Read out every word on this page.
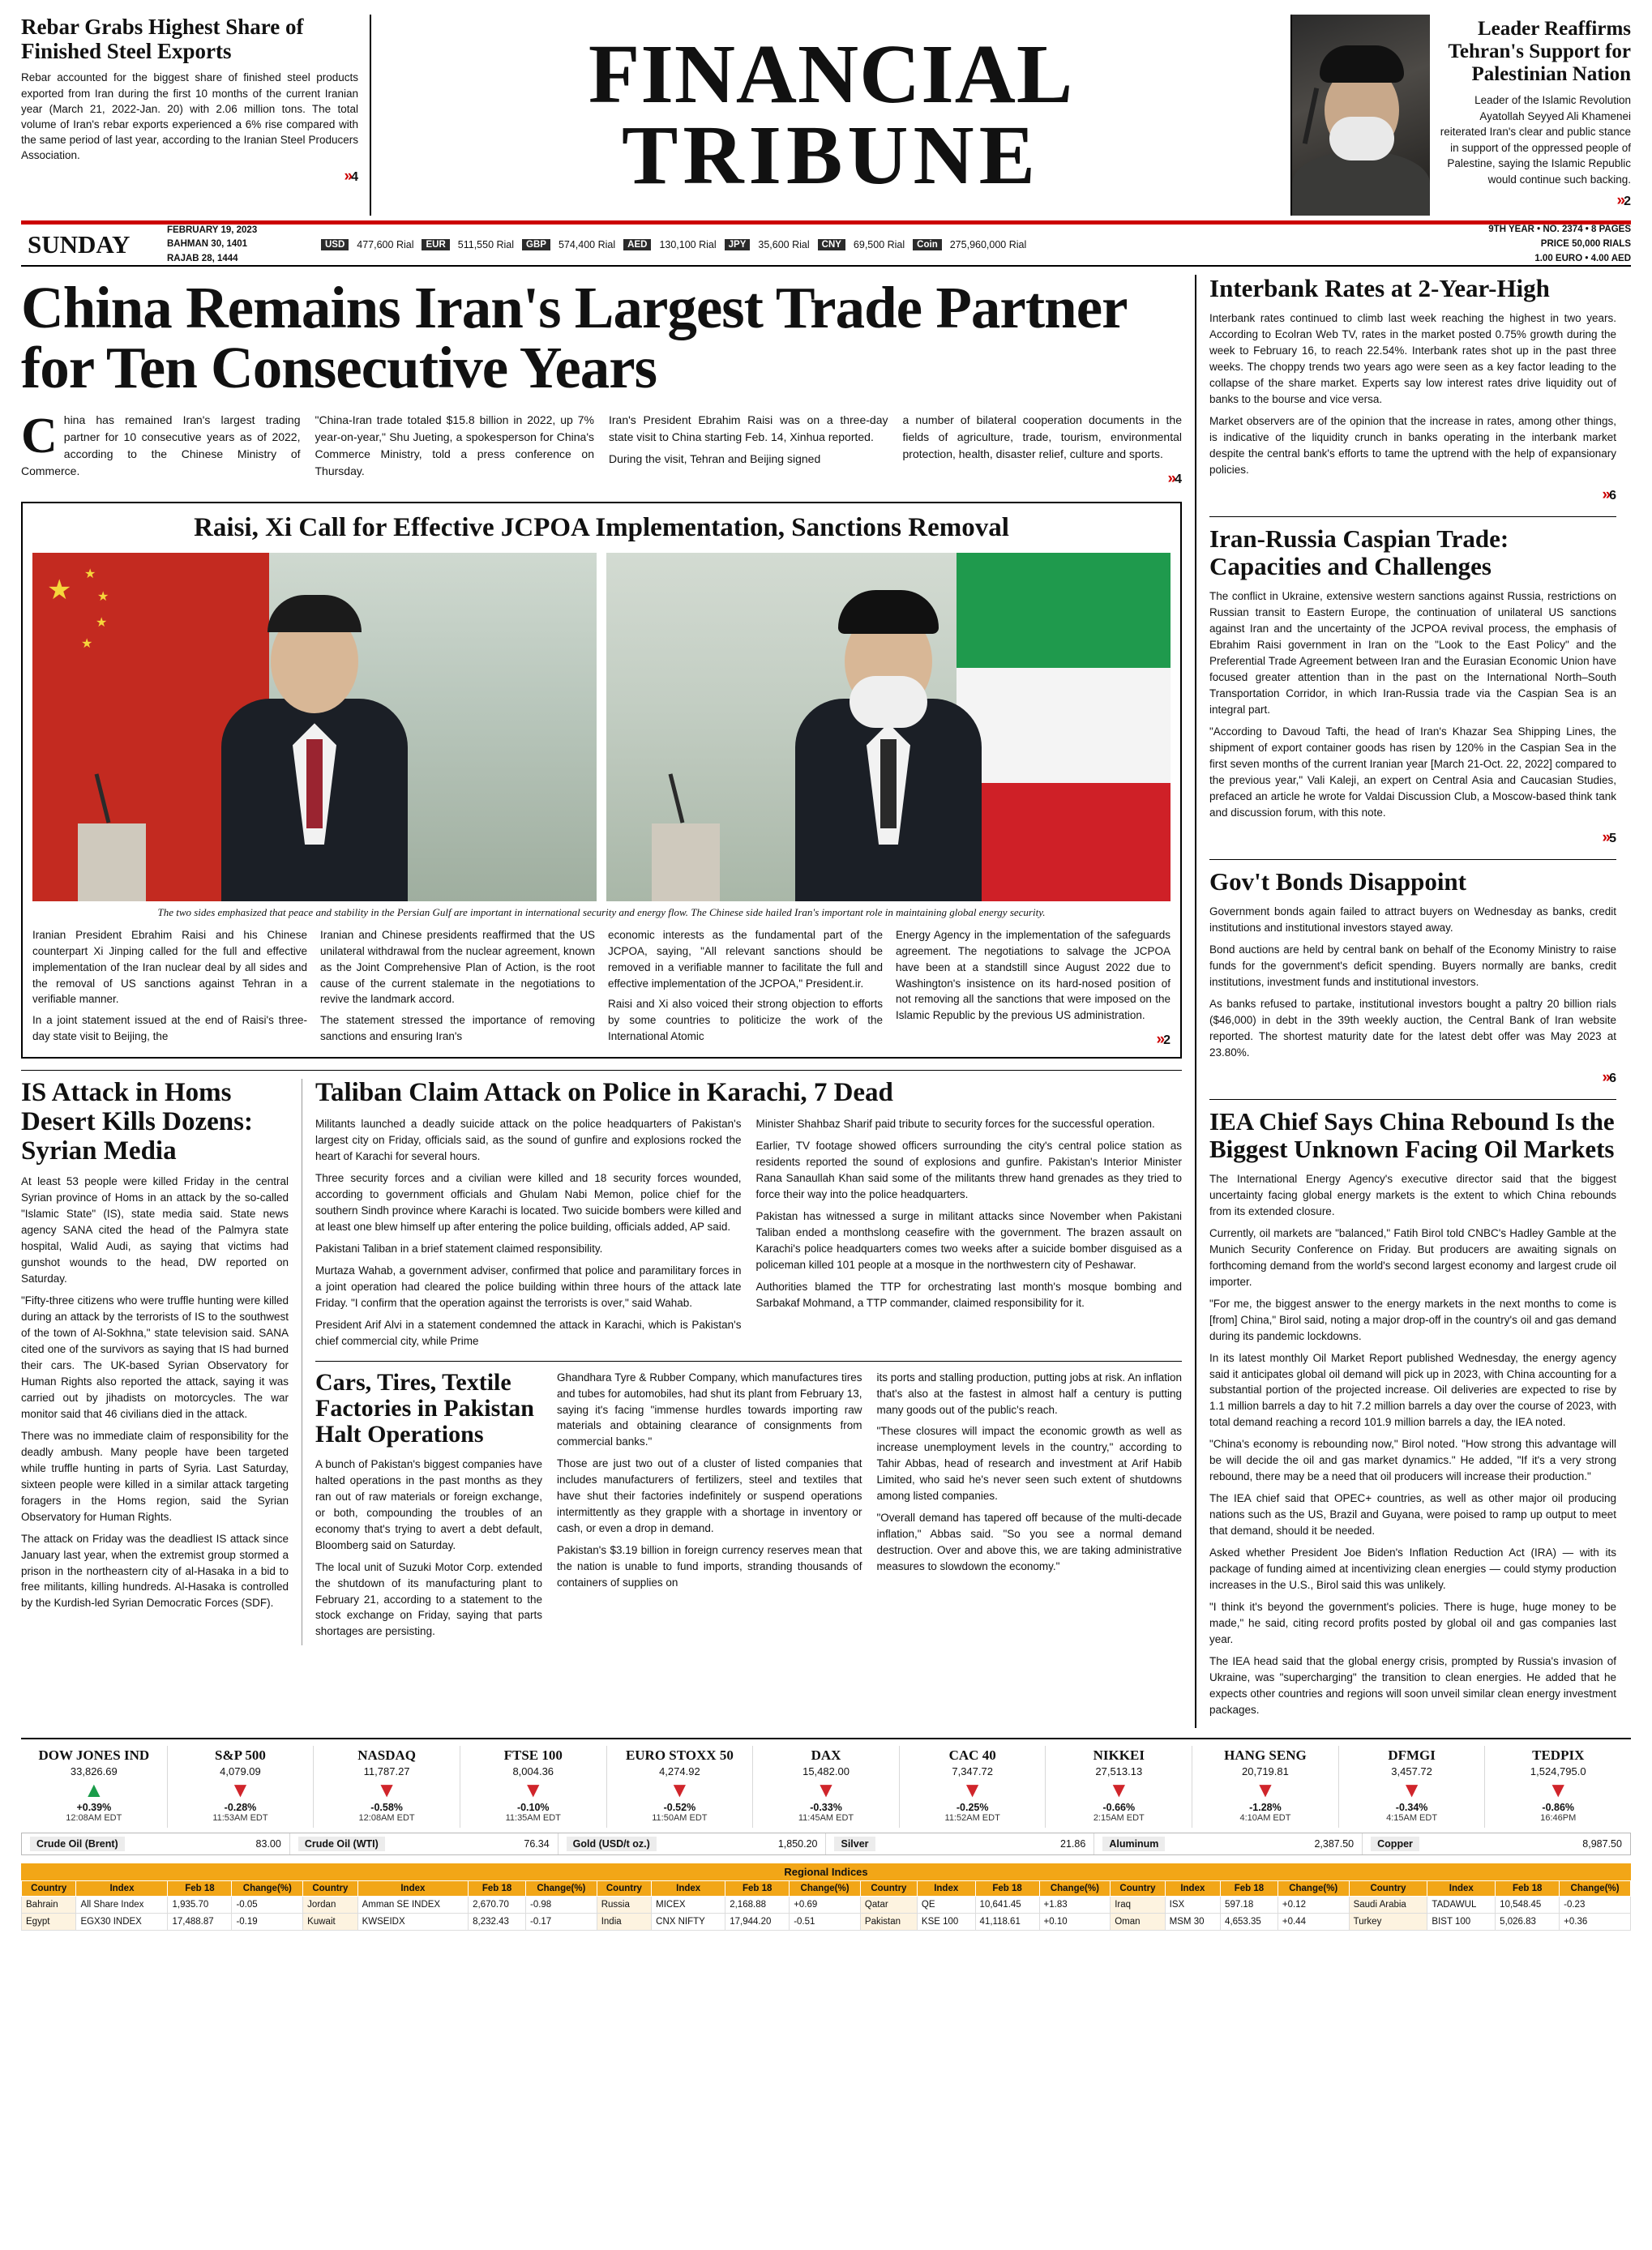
Rebar Grabs Highest Share of Finished Steel Exports

Rebar accounted for the biggest share of finished steel products exported from Iran during the first 10 months of the current Iranian year (March 21, 2022-Jan. 20) with 2.06 million tons. The total volume of Iran's rebar exports experienced a 6% rise compared with the same period of last year, according to the Iranian Steel Producers Association.

»4
FINANCIAL
TRIBUNE
Leader Reaffirms Tehran's Support for Palestinian Nation

Leader of the Islamic Revolution Ayatollah Seyyed Ali Khamenei reiterated Iran's clear and public stance in support of the oppressed people of Palestine, saying the Islamic Republic would continue such backing.

»2
SUNDAY	FEBRUARY 19, 2023
BAHMAN 30, 1401
RAJAB 28, 1444
USD	477,600 Rial	EUR	511,550 Rial	GBP	574,400 Rial	AED	130,100 Rial	JPY	35,600 Rial	CNY	69,500 Rial	Coin	275,960,000 Rial
9TH YEAR • NO. 2374 • 8 PAGES
PRICE 50,000 RIALS
1.00 EURO • 4.00 AED
China Remains Iran's Largest Trade Partner for Ten Consecutive Years

China has remained Iran's largest trading partner for 10 consecutive years as of 2022, according to the Chinese Ministry of Commerce.

"China-Iran trade totaled $15.8 billion in 2022, up 7% year-on-year," Shu Jueting, a spokesperson for China's Commerce Ministry, told a press conference on Thursday.

Iran's President Ebrahim Raisi was on a three-day state visit to China starting Feb. 14, Xinhua reported.

During the visit, Tehran and Beijing signed

a number of bilateral cooperation documents in the fields of agriculture, trade, tourism, environmental protection, health, disaster relief, culture and sports.

»4
Raisi, Xi Call for Effective JCPOA Implementation, Sanctions Removal
★
★
★
★
★
The two sides emphasized that peace and stability in the Persian Gulf are important in international security and energy flow. The Chinese side hailed Iran's important role in maintaining global energy security.

Iranian President Ebrahim Raisi and his Chinese counterpart Xi Jinping called for the full and effective implementation of the Iran nuclear deal by all sides and the removal of US sanctions against Tehran in a verifiable manner.

In a joint statement issued at the end of Raisi's three-day state visit to Beijing, the

Iranian and Chinese presidents reaffirmed that the US unilateral withdrawal from the nuclear agreement, known as the Joint Comprehensive Plan of Action, is the root cause of the current stalemate in the negotiations to revive the landmark accord.

The statement stressed the importance of removing sanctions and ensuring Iran's

economic interests as the fundamental part of the JCPOA, saying, "All relevant sanctions should be removed in a verifiable manner to facilitate the full and effective implementation of the JCPOA," President.ir.

Raisi and Xi also voiced their strong objection to efforts by some countries to politicize the work of the International Atomic

Energy Agency in the implementation of the safeguards agreement. The negotiations to salvage the JCPOA have been at a standstill since August 2022 due to Washington's insistence on its hard-nosed position of not removing all the sanctions that were imposed on the Islamic Republic by the previous US administration.

»2
IS Attack in Homs Desert Kills Dozens: Syrian Media

At least 53 people were killed Friday in the central Syrian province of Homs in an attack by the so-called "Islamic State" (IS), state media said. State news agency SANA cited the head of the Palmyra state hospital, Walid Audi, as saying that victims had gunshot wounds to the head, DW reported on Saturday.

"Fifty-three citizens who were truffle hunting were killed during an attack by the terrorists of IS to the southwest of the town of Al-Sokhna," state television said. SANA cited one of the survivors as saying that IS had burned their cars. The UK-based Syrian Observatory for Human Rights also reported the attack, saying it was carried out by jihadists on motorcycles. The war monitor said that 46 civilians died in the attack.

There was no immediate claim of responsibility for the deadly ambush. Many people have been targeted while truffle hunting in parts of Syria. Last Saturday, sixteen people were killed in a similar attack targeting foragers in the Homs region, said the Syrian Observatory for Human Rights.

The attack on Friday was the deadliest IS attack since January last year, when the extremist group stormed a prison in the northeastern city of al-Hasaka in a bid to free militants, killing hundreds. Al-Hasaka is controlled by the Kurdish-led Syrian Democratic Forces (SDF).

Taliban Claim Attack on Police in Karachi, 7 Dead

Militants launched a deadly suicide attack on the police headquarters of Pakistan's largest city on Friday, officials said, as the sound of gunfire and explosions rocked the heart of Karachi for several hours.

Three security forces and a civilian were killed and 18 security forces wounded, according to government officials and Ghulam Nabi Memon, police chief for the southern Sindh province where Karachi is located. Two suicide bombers were killed and at least one blew himself up after entering the police building, officials added, AP said.

Pakistani Taliban in a brief statement claimed responsibility.

Murtaza Wahab, a government adviser, confirmed that police and paramilitary forces in a joint operation had cleared the police building within three hours of the attack late Friday. "I confirm that the operation against the terrorists is over," said Wahab.

President Arif Alvi in a statement condemned the attack in Karachi, which is Pakistan's chief commercial city, while Prime

Minister Shahbaz Sharif paid tribute to security forces for the successful operation.

Earlier, TV footage showed officers surrounding the city's central police station as residents reported the sound of explosions and gunfire. Pakistan's Interior Minister Rana Sanaullah Khan said some of the militants threw hand grenades as they tried to force their way into the police headquarters.

Pakistan has witnessed a surge in militant attacks since November when Pakistani Taliban ended a monthslong ceasefire with the government. The brazen assault on Karachi's police headquarters comes two weeks after a suicide bomber disguised as a policeman killed 101 people at a mosque in the northwestern city of Peshawar.

Authorities blamed the TTP for orchestrating last month's mosque bombing and Sarbakaf Mohmand, a TTP commander, claimed responsibility for it.

Cars, Tires, Textile Factories in Pakistan Halt Operations

A bunch of Pakistan's biggest companies have halted operations in the past months as they ran out of raw materials or foreign exchange, or both, compounding the troubles of an economy that's trying to avert a debt default, Bloomberg said on Saturday.

The local unit of Suzuki Motor Corp. extended the shutdown of its manufacturing plant to February 21, according to a statement to the stock exchange on Friday, saying that parts shortages are persisting.

Ghandhara Tyre & Rubber Company, which manufactures tires and tubes for automobiles, had shut its plant from February 13, saying it's facing "immense hurdles towards importing raw materials and obtaining clearance of consignments from commercial banks."

Those are just two out of a cluster of listed companies that includes manufacturers of fertilizers, steel and textiles that have shut their factories indefinitely or suspend operations intermittently as they grapple with a shortage in inventory or cash, or even a drop in demand.

Pakistan's $3.19 billion in foreign currency reserves mean that the nation is unable to fund imports, stranding thousands of containers of supplies on

its ports and stalling production, putting jobs at risk. An inflation that's also at the fastest in almost half a century is putting many goods out of the public's reach.

"These closures will impact the economic growth as well as increase unemployment levels in the country," according to Tahir Abbas, head of research and investment at Arif Habib Limited, who said he's never seen such extent of shutdowns among listed companies.

"Overall demand has tapered off because of the multi-decade inflation," Abbas said. "So you see a normal demand destruction. Over and above this, we are taking administrative measures to slowdown the economy."

Interbank Rates at 2-Year-High

Interbank rates continued to climb last week reaching the highest in two years. According to Ecolran Web TV, rates in the market posted 0.75% growth during the week to February 16, to reach 22.54%. Interbank rates shot up in the past three weeks. The choppy trends two years ago were seen as a key factor leading to the collapse of the share market. Experts say low interest rates drive liquidity out of banks to the bourse and vice versa.

Market observers are of the opinion that the increase in rates, among other things, is indicative of the liquidity crunch in banks operating in the interbank market despite the central bank's efforts to tame the uptrend with the help of expansionary policies.

»6
Iran-Russia Caspian Trade: Capacities and Challenges

The conflict in Ukraine, extensive western sanctions against Russia, restrictions on Russian transit to Eastern Europe, the continuation of unilateral US sanctions against Iran and the uncertainty of the JCPOA revival process, the emphasis of Ebrahim Raisi government in Iran on the "Look to the East Policy" and the Preferential Trade Agreement between Iran and the Eurasian Economic Union have focused greater attention than in the past on the International North–South Transportation Corridor, in which Iran-Russia trade via the Caspian Sea is an integral part.

"According to Davoud Tafti, the head of Iran's Khazar Sea Shipping Lines, the shipment of export container goods has risen by 120% in the Caspian Sea in the first seven months of the current Iranian year [March 21-Oct. 22, 2022] compared to the previous year," Vali Kaleji, an expert on Central Asia and Caucasian Studies, prefaced an article he wrote for Valdai Discussion Club, a Moscow-based think tank and discussion forum, with this note.

»5
Gov't Bonds Disappoint

Government bonds again failed to attract buyers on Wednesday as banks, credit institutions and institutional investors stayed away.

Bond auctions are held by central bank on behalf of the Economy Ministry to raise funds for the government's deficit spending. Buyers normally are banks, credit institutions, investment funds and institutional investors.

As banks refused to partake, institutional investors bought a paltry 20 billion rials ($46,000) in debt in the 39th weekly auction, the Central Bank of Iran website reported. The shortest maturity date for the latest debt offer was May 2023 at 23.80%.

»6
IEA Chief Says China Rebound Is the Biggest Unknown Facing Oil Markets

The International Energy Agency's executive director said that the biggest uncertainty facing global energy markets is the extent to which China rebounds from its extended closure.

Currently, oil markets are "balanced," Fatih Birol told CNBC's Hadley Gamble at the Munich Security Conference on Friday. But producers are awaiting signals on forthcoming demand from the world's second largest economy and largest crude oil importer.

"For me, the biggest answer to the energy markets in the next months to come is [from] China," Birol said, noting a major drop-off in the country's oil and gas demand during its pandemic lockdowns.

In its latest monthly Oil Market Report published Wednesday, the energy agency said it anticipates global oil demand will pick up in 2023, with China accounting for a substantial portion of the projected increase. Oil deliveries are expected to rise by 1.1 million barrels a day to hit 7.2 million barrels a day over the course of 2023, with total demand reaching a record 101.9 million barrels a day, the IEA noted.

"China's economy is rebounding now," Birol noted. "How strong this advantage will be will decide the oil and gas market dynamics." He added, "If it's a very strong rebound, there may be a need that oil producers will increase their production."

The IEA chief said that OPEC+ countries, as well as other major oil producing nations such as the US, Brazil and Guyana, were poised to ramp up output to meet that demand, should it be needed.

Asked whether President Joe Biden's Inflation Reduction Act (IRA) — with its package of funding aimed at incentivizing clean energies — could stymy production increases in the U.S., Birol said this was unlikely.

"I think it's beyond the government's policies. There is huge, huge money to be made," he said, citing record profits posted by global oil and gas companies last year.

The IEA head said that the global energy crisis, prompted by Russia's invasion of Ukraine, was "supercharging" the transition to clean energies. He added that he expects other countries and regions will soon unveil similar clean energy investment packages.

DOW JONES IND
33,826.69
▲
+0.39%
12:08AM EDT
S&P 500
4,079.09
▼
-0.28%
11:53AM EDT
NASDAQ
11,787.27
▼
-0.58%
12:08AM EDT
FTSE 100
8,004.36
▼
-0.10%
11:35AM EDT
EURO STOXX 50
4,274.92
▼
-0.52%
11:50AM EDT
DAX
15,482.00
▼
-0.33%
11:45AM EDT
CAC 40
7,347.72
▼
-0.25%
11:52AM EDT
NIKKEI
27,513.13
▼
-0.66%
2:15AM EDT
HANG SENG
20,719.81
▼
-1.28%
4:10AM EDT
DFMGI
3,457.72
▼
-0.34%
4:15AM EDT
TEDPIX
1,524,795.0
▼
-0.86%
16:46PM
Crude Oil (Brent)	83.00	Crude Oil (WTI)	76.34	Gold (USD/t oz.)	1,850.20	Silver	21.86	Aluminum	2,387.50	Copper	8,987.50
Regional Indices
Country	Index	Feb 18	Change(%)	Country	Index	Feb 18	Change(%)	Country	Index	Feb 18	Change(%)	Country	Index	Feb 18	Change(%)	Country	Index	Feb 18	Change(%)	Country	Index	Feb 18	Change(%)
Bahrain	All Share Index	1,935.70	-0.05	Jordan	Amman SE INDEX	2,670.70	-0.98	Russia	MICEX	2,168.88	+0.69	Qatar	QE	10,641.45	+1.83	Iraq	ISX	597.18	+0.12	Saudi Arabia	TADAWUL	10,548.45	-0.23
Egypt	EGX30 INDEX	17,488.87	-0.19	Kuwait	KWSEIDX	8,232.43	-0.17	India	CNX NIFTY	17,944.20	-0.51	Pakistan	KSE 100	41,118.61	+0.10	Oman	MSM 30	4,653.35	+0.44	Turkey	BIST 100	5,026.83	+0.36
